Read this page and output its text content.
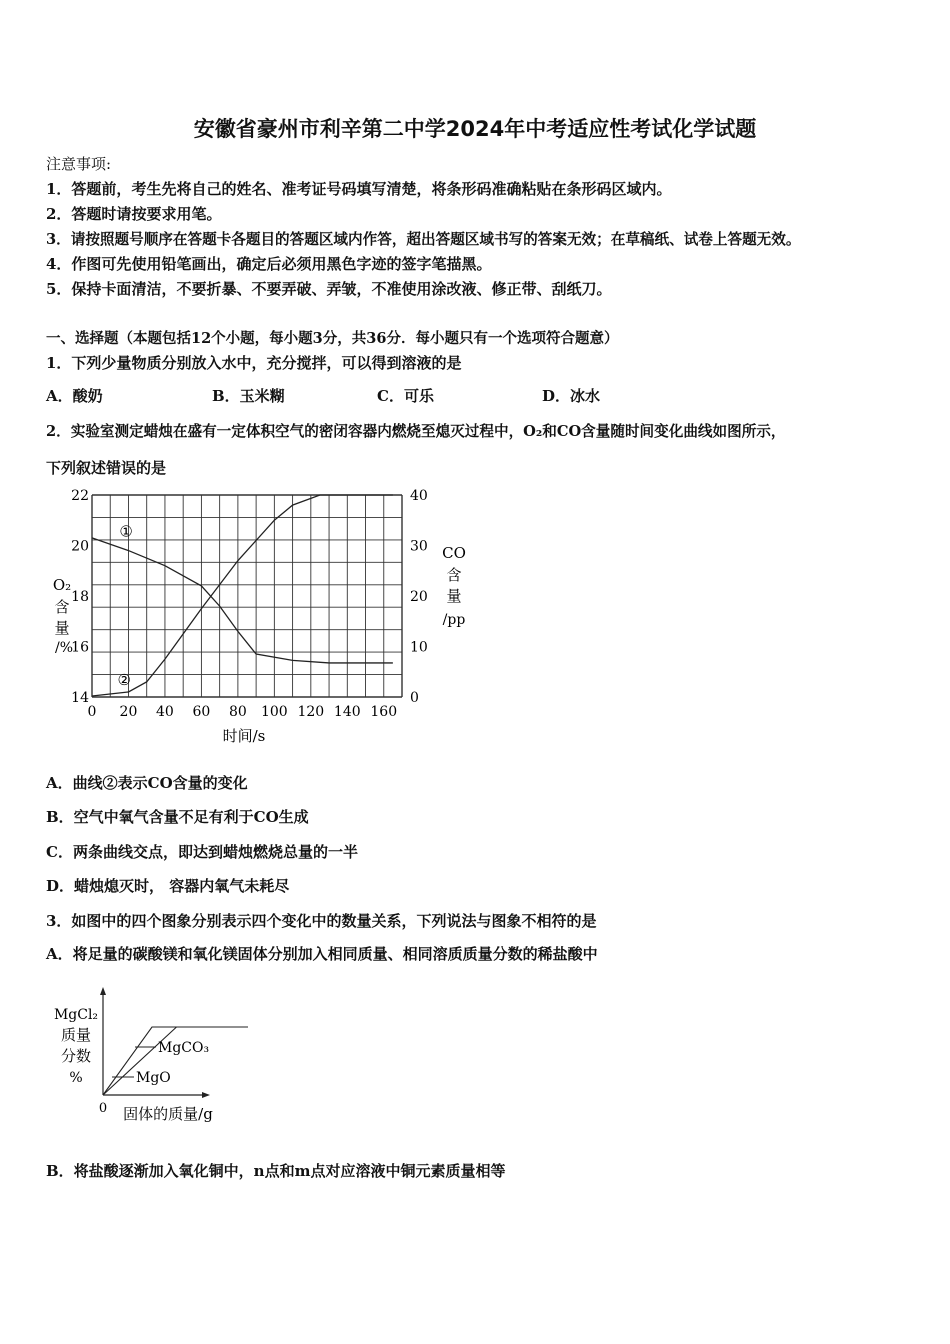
安徽省豪州市利辛第二中学2024年中考适应性考试化学试题
注意事项:
1．答题前，考生先将自己的姓名、准考证号码填写清楚，将条形码准确粘贴在条形码区域内。
2．答题时请按要求用笔。
3．请按照题号顺序在答题卡各题目的答题区域内作答，超出答题区域书写的答案无效；在草稿纸、试卷上答题无效。
4．作图可先使用铅笔画出，确定后必须用黑色字迹的签字笔描黑。
5．保持卡面清洁，不要折暴、不要弄破、弄皱，不准使用涂改液、修正带、刮纸刀。
一、选择题（本题包括12个小题，每小题3分，共36分．每小题只有一个选项符合题意）
1．下列少量物质分别放入水中，充分搅拌，可以得到溶液的是
A．酸奶	B．玉米糊	C．可乐	D．冰水
2．实验室测定蜡烛在盛有一定体积空气的密闭容器内燃烧至熄灭过程中，O₂和CO含量随时间变化曲线如图所示，
下列叙述错误的是
0 20 40 60 80 100 120 140 160
14
16
18
20
22
0
10
20
30
40
O₂
含
量
/%
CO
含
量
/pp
时间/s
①
②
A．曲线②表示CO含量的变化
B．空气中氧气含量不足有利于CO生成
C．两条曲线交点，即达到蜡烛燃烧总量的一半
D．蜡烛熄灭时， 容器内氧气未耗尽
3．如图中的四个图象分别表示四个变化中的数量关系，下列说法与图象不相符的是
A．将足量的碳酸镁和氧化镁固体分别加入相同质量、相同溶质质量分数的稀盐酸中
MgCl₂
质量
分数
%
0 固体的质量/g
MgCO₃
MgO
B．将盐酸逐渐加入氧化铜中，n点和m点对应溶液中铜元素质量相等
